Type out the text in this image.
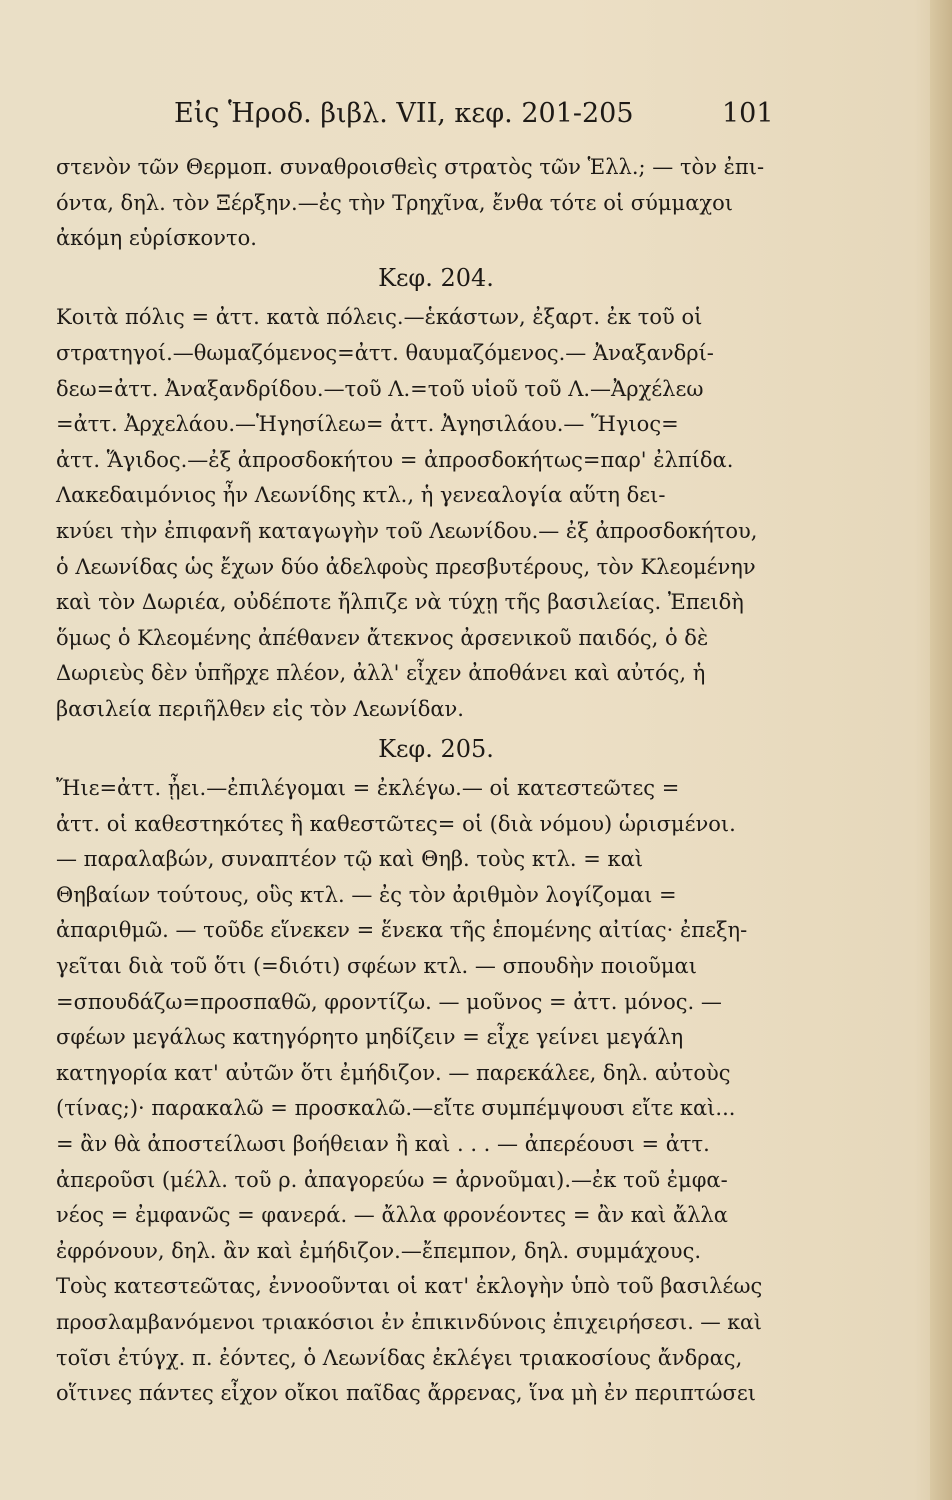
Εἰς Ἡροδ. βιβλ. VII, κεφ. 201-205	101
στενὸν τῶν Θερμοπ. συναθροισθεὶς στρατὸς τῶν Ἑλλ.; — τὸν ἐπι-
όντα, δηλ. τὸν Ξέρξην.—ἐς τὴν Τρηχῖνα, ἔνθα τότε οἱ σύμμαχοι
ἀκόμη εὑρίσκοντο.
Κεφ. 204.
Κοιτὰ πόλις = ἀττ. κατὰ πόλεις.—ἑκάστων, ἐξαρτ. ἐκ τοῦ οἱ
στρατηγοί.—θωμαζόμενος=ἀττ. θαυμαζόμενος.— Ἀναξανδρί-
δεω=ἀττ. Ἀναξανδρίδου.—τοῦ Λ.=τοῦ υἱοῦ τοῦ Λ.—Ἀρχέλεω
=ἀττ. Ἀρχελάου.—Ἡγησίλεω= ἀττ. Ἀγησιλάου.— Ἥγιος=
ἀττ. Ἅγιδος.—ἐξ ἀπροσδοκήτου = ἀπροσδοκήτως=παρ' ἐλπίδα.
Λακεδαιμόνιος ἦν Λεωνίδης κτλ., ἡ γενεαλογία αὕτη δει-
κνύει τὴν ἐπιφανῆ καταγωγὴν τοῦ Λεωνίδου.— ἐξ ἀπροσδοκήτου,
ὁ Λεωνίδας ὡς ἔχων δύο ἀδελφοὺς πρεσβυτέρους, τὸν Κλεομένην
καὶ τὸν Δωριέα, οὐδέποτε ἤλπιζε νὰ τύχῃ τῆς βασιλείας. Ἐπειδὴ
ὅμως ὁ Κλεομένης ἀπέθανεν ἄτεκνος ἀρσενικοῦ παιδός, ὁ δὲ
Δωριεὺς δὲν ὑπῆρχε πλέον, ἀλλ' εἶχεν ἀποθάνει καὶ αὐτός, ἡ
βασιλεία περιῆλθεν εἰς τὸν Λεωνίδαν.
Κεφ. 205.
Ἤιε=ἀττ. ᾖει.—ἐπιλέγομαι = ἐκλέγω.— οἱ κατεστεῶτες =
ἀττ. οἱ καθεστηκότες ἢ καθεστῶτες= οἱ (διὰ νόμου) ὡρισμένοι.
— παραλαβών, συναπτέον τῷ καὶ Θηβ. τοὺς κτλ. = καὶ
Θηβαίων τούτους, οὓς κτλ. — ἐς τὸν ἀριθμὸν λογίζομαι =
ἀπαριθμῶ. — τοῦδε εἵνεκεν = ἕνεκα τῆς ἑπομένης αἰτίας· ἐπεξη-
γεῖται διὰ τοῦ ὅτι (=διότι) σφέων κτλ. — σπουδὴν ποιοῦμαι
=σπουδάζω=προσπαθῶ, φροντίζω. — μοῦνος = ἀττ. μόνος. —
σφέων μεγάλως κατηγόρητο μηδίζειν = εἶχε γείνει μεγάλη
κατηγορία κατ' αὐτῶν ὅτι ἐμήδιζον. — παρεκάλεε, δηλ. αὐτοὺς
(τίνας;)· παρακαλῶ = προσκαλῶ.—εἴτε συμπέμψουσι εἴτε καὶ...
= ἂν θὰ ἀποστείλωσι βοήθειαν ἢ καὶ . . . — ἀπερέουσι = ἀττ.
ἀπεροῦσι (μέλλ. τοῦ ρ. ἀπαγορεύω = ἀρνοῦμαι).—ἐκ τοῦ ἐμφα-
νέος = ἐμφανῶς = φανερά. — ἄλλα φρονέοντες = ἂν καὶ ἄλλα
ἐφρόνουν, δηλ. ἂν καὶ ἐμήδιζον.—ἔπεμπον, δηλ. συμμάχους.
Τοὺς κατεστεῶτας, ἐννοοῦνται οἱ κατ' ἐκλογὴν ὑπὸ τοῦ βασιλέως
προσλαμβανόμενοι τριακόσιοι ἐν ἐπικινδύνοις ἐπιχειρήσεσι. — καὶ
τοῖσι ἐτύγχ. π. ἐόντες, ὁ Λεωνίδας ἐκλέγει τριακοσίους ἄνδρας,
οἵτινες πάντες εἶχον οἴκοι παῖδας ἄρρενας, ἵνα μὴ ἐν περιπτώσει
